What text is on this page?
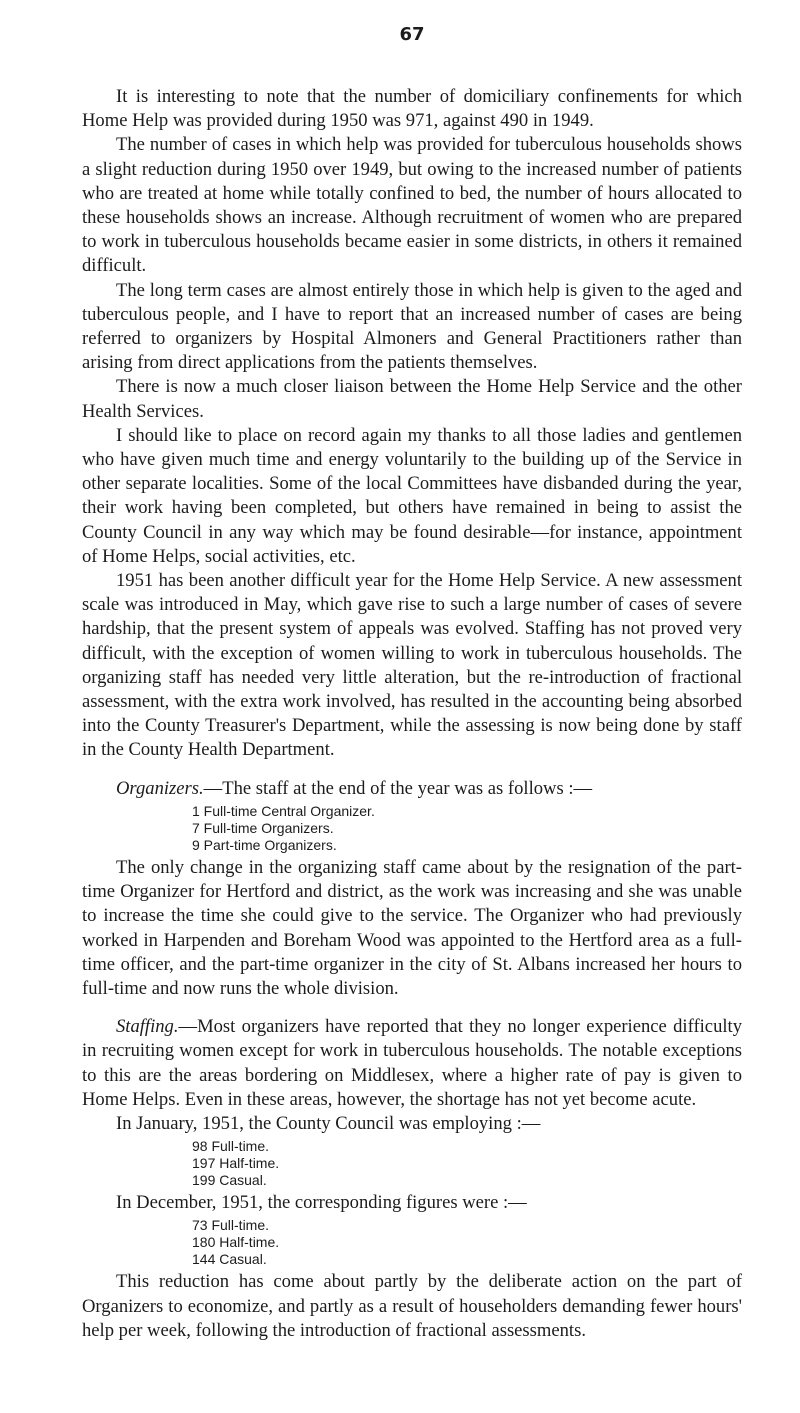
67

It is interesting to note that the number of domiciliary confinements for which Home Help was provided during 1950 was 971, against 490 in 1949.

The number of cases in which help was provided for tuberculous households shows a slight reduction during 1950 over 1949, but owing to the increased number of patients who are treated at home while totally confined to bed, the number of hours allocated to these households shows an increase. Although recruitment of women who are prepared to work in tuberculous households became easier in some districts, in others it remained difficult.

The long term cases are almost entirely those in which help is given to the aged and tuberculous people, and I have to report that an increased number of cases are being referred to organizers by Hospital Almoners and General Practitioners rather than arising from direct applications from the patients themselves.

There is now a much closer liaison between the Home Help Service and the other Health Services.

I should like to place on record again my thanks to all those ladies and gentlemen who have given much time and energy voluntarily to the building up of the Service in other separate localities. Some of the local Committees have disbanded during the year, their work having been completed, but others have remained in being to assist the County Council in any way which may be found desirable—for instance, appointment of Home Helps, social activities, etc.

1951 has been another difficult year for the Home Help Service. A new assessment scale was introduced in May, which gave rise to such a large number of cases of severe hardship, that the present system of appeals was evolved. Staffing has not proved very difficult, with the exception of women willing to work in tuberculous households. The organizing staff has needed very little alteration, but the re-introduction of fractional assessment, with the extra work involved, has resulted in the accounting being absorbed into the County Treasurer's Department, while the assessing is now being done by staff in the County Health Department.

Organizers.—The staff at the end of the year was as follows :—

1 Full-time Central Organizer.
7 Full-time Organizers.
9 Part-time Organizers.

The only change in the organizing staff came about by the resignation of the part-time Organizer for Hertford and district, as the work was increasing and she was unable to increase the time she could give to the service. The Organizer who had previously worked in Harpenden and Boreham Wood was appointed to the Hertford area as a full-time officer, and the part-time organizer in the city of St. Albans increased her hours to full-time and now runs the whole division.

Staffing.—Most organizers have reported that they no longer experience difficulty in recruiting women except for work in tuberculous households. The notable exceptions to this are the areas bordering on Middlesex, where a higher rate of pay is given to Home Helps. Even in these areas, however, the shortage has not yet become acute.

In January, 1951, the County Council was employing :—

98 Full-time.
197 Half-time.
199 Casual.

In December, 1951, the corresponding figures were :—

73 Full-time.
180 Half-time.
144 Casual.

This reduction has come about partly by the deliberate action on the part of Organizers to economize, and partly as a result of householders demanding fewer hours' help per week, following the introduction of fractional assessments.
